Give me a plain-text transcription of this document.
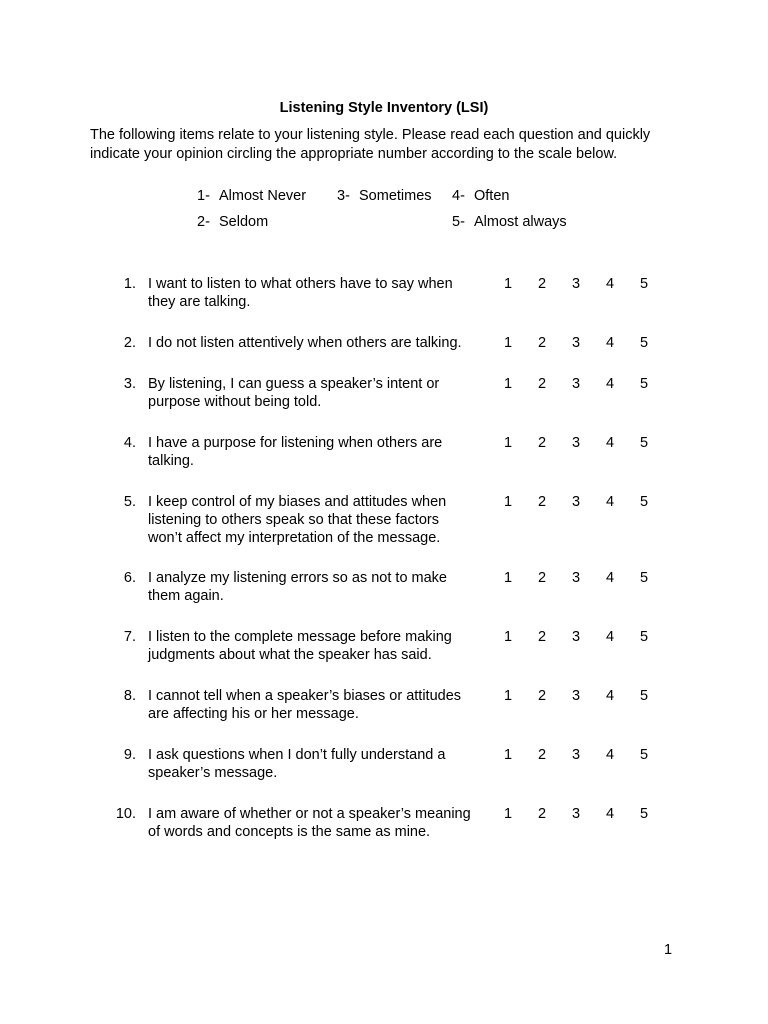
Listening Style Inventory (LSI)

The following items relate to your listening style. Please read each question and quickly

indicate your opinion circling the appropriate number according to the scale below.

1- Almost Never
2- Seldom
3- Sometimes 4- Often
5- Almost always
1. I want to listen to what others have to say when
they are talking.
1	2	3	4	5
2. I do not listen attentively when others are talking.	1	2	3	4	5
3. By listening, I can guess a speaker’s intent or
purpose without being told.
1	2	3	4	5
4. I have a purpose for listening when others are
talking.
1	2	3	4	5
5. I keep control of my biases and attitudes when
listening to others speak so that these factors
won’t affect my interpretation of the message.
1	2	3	4	5
6. I analyze my listening errors so as not to make
them again.
1	2	3	4	5
7. I listen to the complete message before making
judgments about what the speaker has said.
1	2	3	4	5
8. I cannot tell when a speaker’s biases or attitudes
are affecting his or her message.
1	2	3	4	5
9. I ask questions when I don’t fully understand a
speaker’s message.
1	2	3	4	5
10. I am aware of whether or not a speaker’s meaning
of words and concepts is the same as mine.
1	2	3	4	5
1
